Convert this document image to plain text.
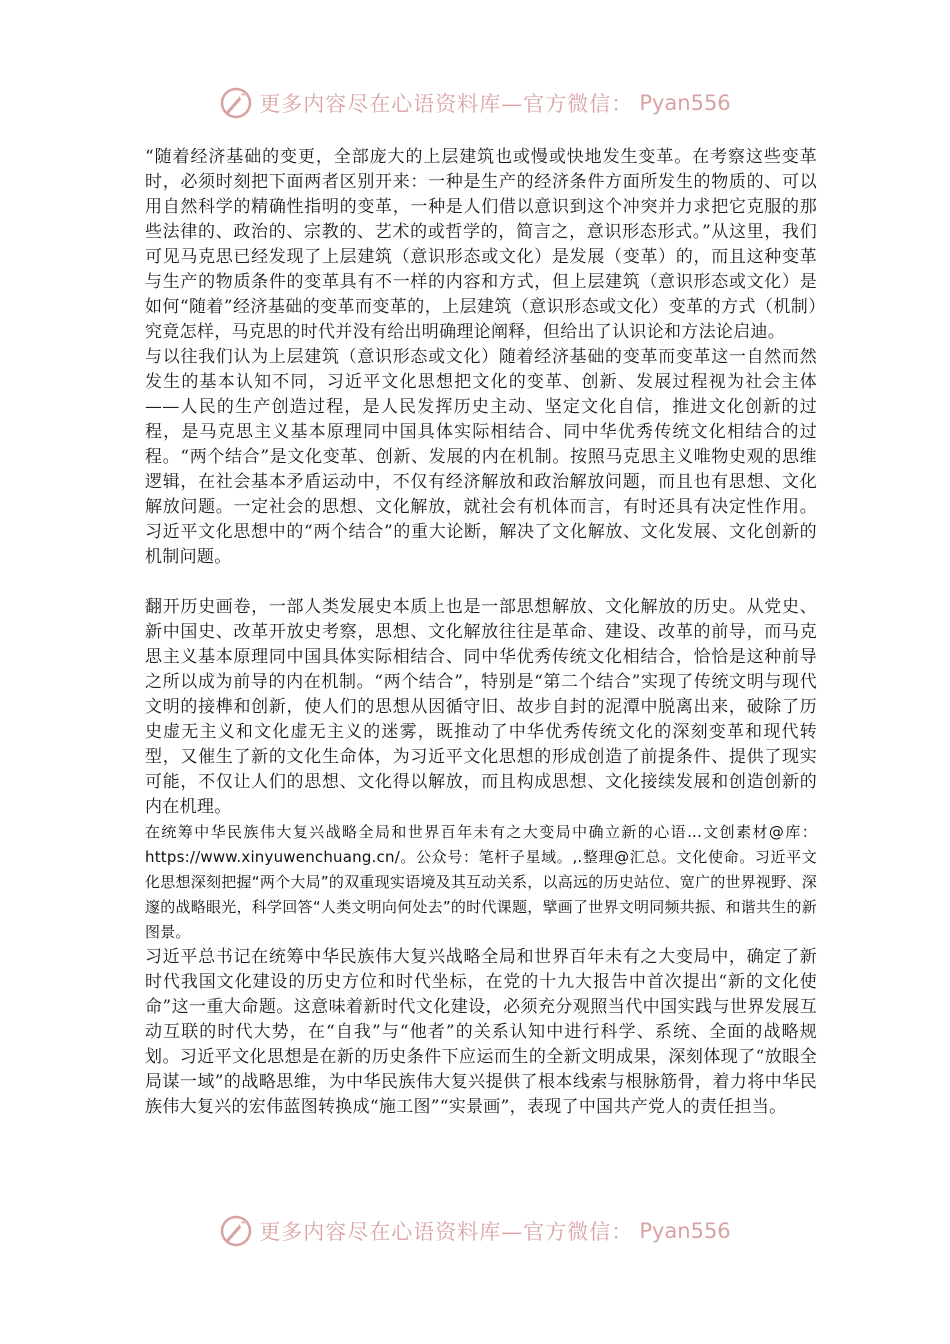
更多内容尽在心语资料库—官方微信： Pyan556

“随着经济基础的变更，全部庞大的上层建筑也或慢或快地发生变革。在考察这些变革时，必须时刻把下面两者区别开来：一种是生产的经济条件方面所发生的物质的、可以用自然科学的精确性指明的变革，一种是人们借以意识到这个冲突并力求把它克服的那些法律的、政治的、宗教的、艺术的或哲学的，简言之，意识形态形式。”从这里，我们可见马克思已经发现了上层建筑（意识形态或文化）是发展（变革）的，而且这种变革与生产的物质条件的变革具有不一样的内容和方式，但上层建筑（意识形态或文化）是如何“随着”经济基础的变革而变革的，上层建筑（意识形态或文化）变革的方式（机制）究竟怎样，马克思的时代并没有给出明确理论阐释，但给出了认识论和方法论启迪。

与以往我们认为上层建筑（意识形态或文化）随着经济基础的变革而变革这一自然而然发生的基本认知不同，习近平文化思想把文化的变革、创新、发展过程视为社会主体——人民的生产创造过程，是人民发挥历史主动、坚定文化自信，推进文化创新的过程，是马克思主义基本原理同中国具体实际相结合、同中华优秀传统文化相结合的过程。“两个结合”是文化变革、创新、发展的内在机制。按照马克思主义唯物史观的思维逻辑，在社会基本矛盾运动中，不仅有经济解放和政治解放问题，而且也有思想、文化解放问题。一定社会的思想、文化解放，就社会有机体而言，有时还具有决定性作用。习近平文化思想中的“两个结合”的重大论断，解决了文化解放、文化发展、文化创新的机制问题。

翻开历史画卷，一部人类发展史本质上也是一部思想解放、文化解放的历史。从党史、新中国史、改革开放史考察，思想、文化解放往往是革命、建设、改革的前导，而马克思主义基本原理同中国具体实际相结合、同中华优秀传统文化相结合，恰恰是这种前导之所以成为前导的内在机制。“两个结合”，特别是“第二个结合”实现了传统文明与现代文明的接榫和创新，使人们的思想从因循守旧、故步自封的泥潭中脱离出来，破除了历史虚无主义和文化虚无主义的迷雾，既推动了中华优秀传统文化的深刻变革和现代转型，又催生了新的文化生命体，为习近平文化思想的形成创造了前提条件、提供了现实可能，不仅让人们的思想、文化得以解放，而且构成思想、文化接续发展和创造创新的内在机理。

在统筹中华民族伟大复兴战略全局和世界百年未有之大变局中确立新的心语...文创素材@库：https://www.xinyuwenchuang.cn/。公众号：笔杆子星域。,.整理@汇总。文化使命。习近平文化思想深刻把握“两个大局”的双重现实语境及其互动关系，以高远的历史站位、宽广的世界视野、深邃的战略眼光，科学回答“人类文明向何处去”的时代课题，擘画了世界文明同频共振、和谐共生的新图景。

习近平总书记在统筹中华民族伟大复兴战略全局和世界百年未有之大变局中，确定了新时代我国文化建设的历史方位和时代坐标，在党的十九大报告中首次提出“新的文化使命”这一重大命题。这意味着新时代文化建设，必须充分观照当代中国实践与世界发展互动互联的时代大势，在“自我”与“他者”的关系认知中进行科学、系统、全面的战略规划。习近平文化思想是在新的历史条件下应运而生的全新文明成果，深刻体现了“放眼全局谋一域”的战略思维，为中华民族伟大复兴提供了根本线索与根脉筋骨，着力将中华民族伟大复兴的宏伟蓝图转换成“施工图”“实景画”，表现了中国共产党人的责任担当。

更多内容尽在心语资料库—官方微信： Pyan556
